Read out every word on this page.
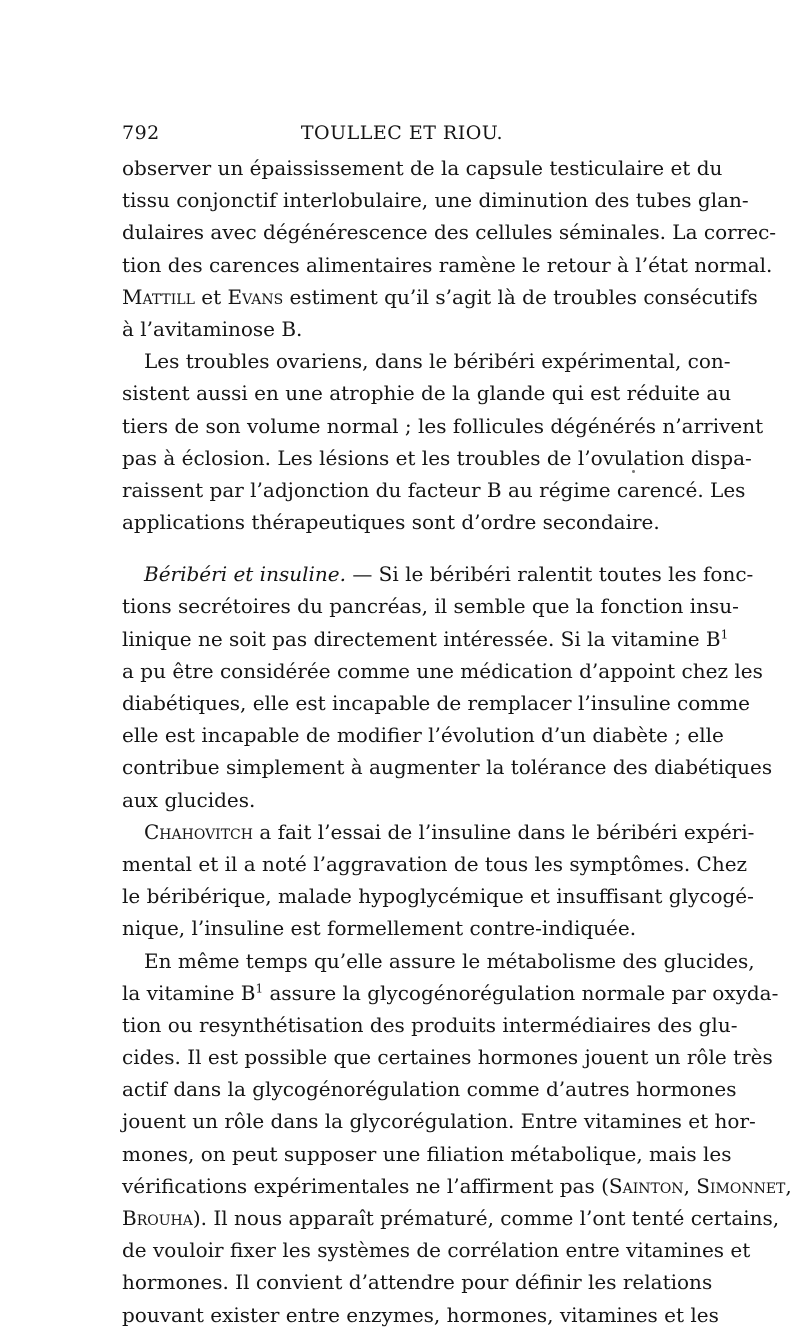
792	TOULLEC ET RIOU.
observer un épaississement de la capsule testiculaire et du
tissu conjonctif interlobulaire, une diminution des tubes glan-
dulaires avec dégénérescence des cellules séminales. La correc-
tion des carences alimentaires ramène le retour à l’état normal.
Mattill et Evans estiment qu’il s’agit là de troubles consécutifs
à l’avitaminose B.
Les troubles ovariens, dans le béribéri expérimental, con-
sistent aussi en une atrophie de la glande qui est réduite au
tiers de son volume normal ; les follicules dégénérés n’arrivent
pas à éclosion. Les lésions et les troubles de l’ovulation dispa-
raissent par l’adjonction du facteur B au régime carencé. Les
applications thérapeutiques sont d’ordre secondaire.
Béribéri et insuline. — Si le béribéri ralentit toutes les fonc-
tions secrétoires du pancréas, il semble que la fonction insu-
linique ne soit pas directement intéressée. Si la vitamine $B^1$
a pu être considérée comme une médication d’appoint chez les
diabétiques, elle est incapable de remplacer l’insuline comme
elle est incapable de modifier l’évolution d’un diabète ; elle
contribue simplement à augmenter la tolérance des diabétiques
aux glucides.
Chahovitch a fait l’essai de l’insuline dans le béribéri expéri-
mental et il a noté l’aggravation de tous les symptômes. Chez
le béribérique, malade hypoglycémique et insuffisant glycogé-
nique, l’insuline est formellement contre-indiquée.
En même temps qu’elle assure le métabolisme des glucides,
la vitamine $B^1$ assure la glycogénorégulation normale par oxyda-
tion ou resynthétisation des produits intermédiaires des glu-
cides. Il est possible que certaines hormones jouent un rôle très
actif dans la glycogénorégulation comme d’autres hormones
jouent un rôle dans la glycorégulation. Entre vitamines et hor-
mones, on peut supposer une filiation métabolique, mais les
vérifications expérimentales ne l’affirment pas (Sainton, Simonnet,
Brouha). Il nous apparaît prématuré, comme l’ont tenté certains,
de vouloir fixer les systèmes de corrélation entre vitamines et
hormones. Il convient d’attendre pour définir les relations
pouvant exister entre enzymes, hormones, vitamines et les
